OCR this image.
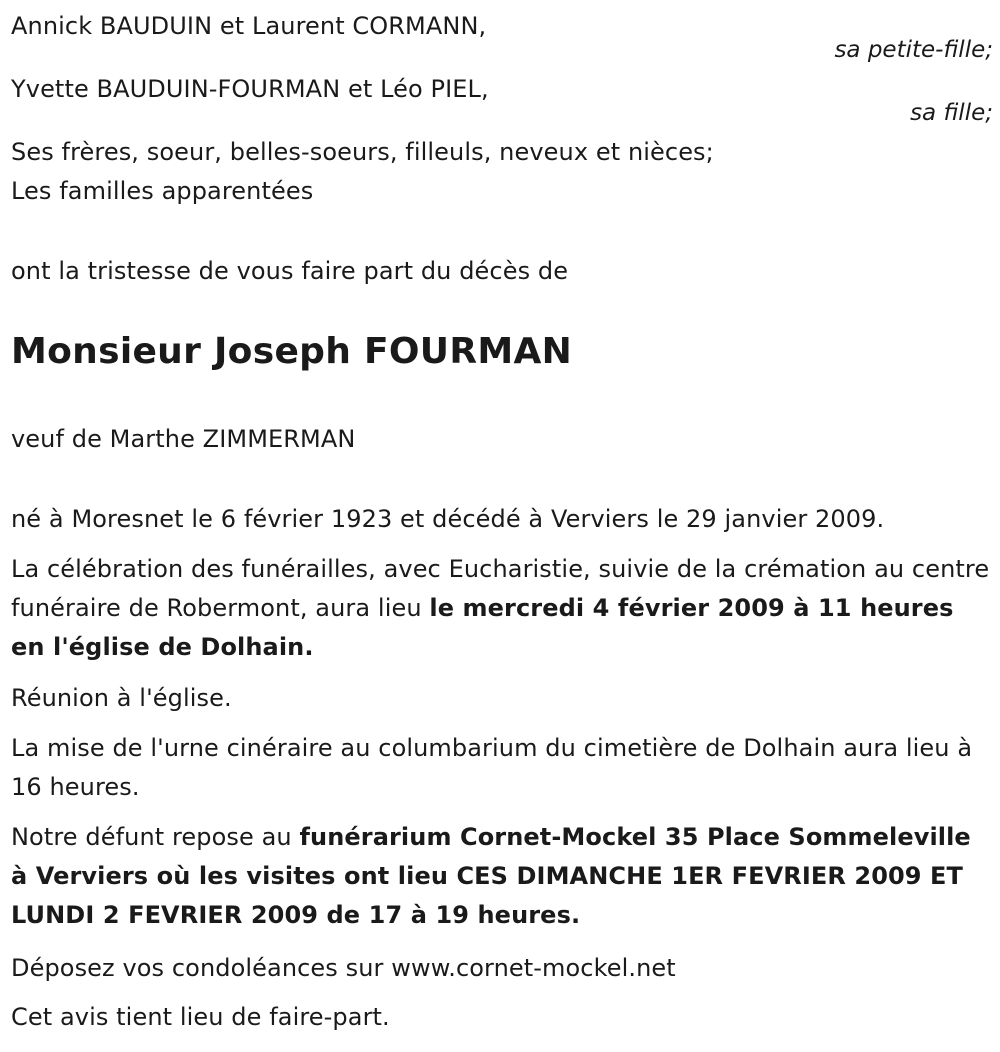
Annick BAUDUIN et Laurent CORMANN,
sa petite-fille;
Yvette BAUDUIN-FOURMAN et Léo PIEL,
sa fille;
Ses frères, soeur, belles-soeurs, filleuls, neveux et nièces;
Les familles apparentées
ont la tristesse de vous faire part du décès de
Monsieur Joseph FOURMAN
veuf de Marthe ZIMMERMAN
né à Moresnet le 6 février 1923 et décédé à Verviers le 29 janvier 2009.
La célébration des funérailles, avec Eucharistie, suivie de la crémation au centre funéraire de Robermont, aura lieu le mercredi 4 février 2009 à 11 heures en l'église de Dolhain.
Réunion à l'église.
La mise de l'urne cinéraire au columbarium du cimetière de Dolhain aura lieu à 16 heures.
Notre défunt repose au funérarium Cornet-Mockel 35 Place Sommeleville à Verviers où les visites ont lieu CES DIMANCHE 1ER FEVRIER 2009 ET LUNDI 2 FEVRIER 2009 de 17 à 19 heures.
Déposez vos condoléances sur www.cornet-mockel.net
Cet avis tient lieu de faire-part.
